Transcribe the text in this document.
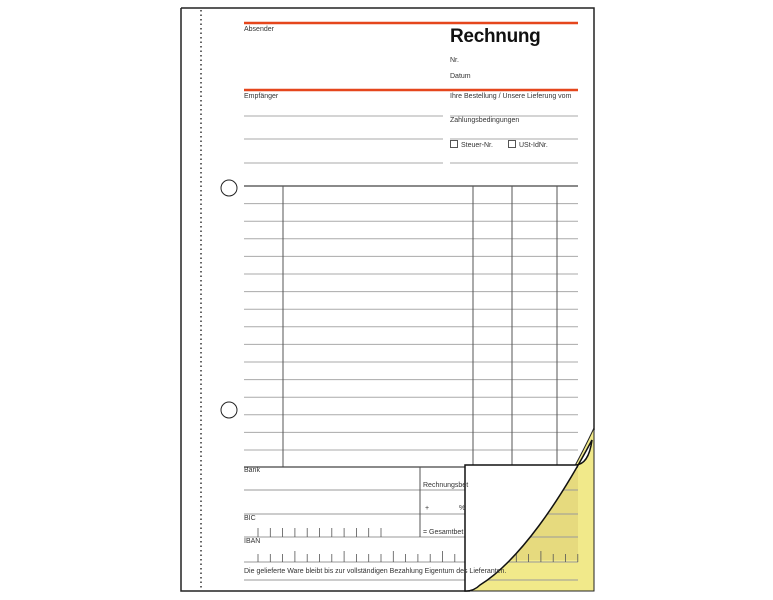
Rechnung
Absender
Nr.
Datum
Empfänger	Ihre Bestellung / Unsere Lieferung vom
Zahlungsbedingungen
Steuer-Nr.	USt-IdNr.
Bank
Rechnungsbet
+	%
= Gesamtbet
BIC
IBAN
Die gelieferte Ware bleibt bis zur vollständigen Bezahlung Eigentum des Lieferanten.
